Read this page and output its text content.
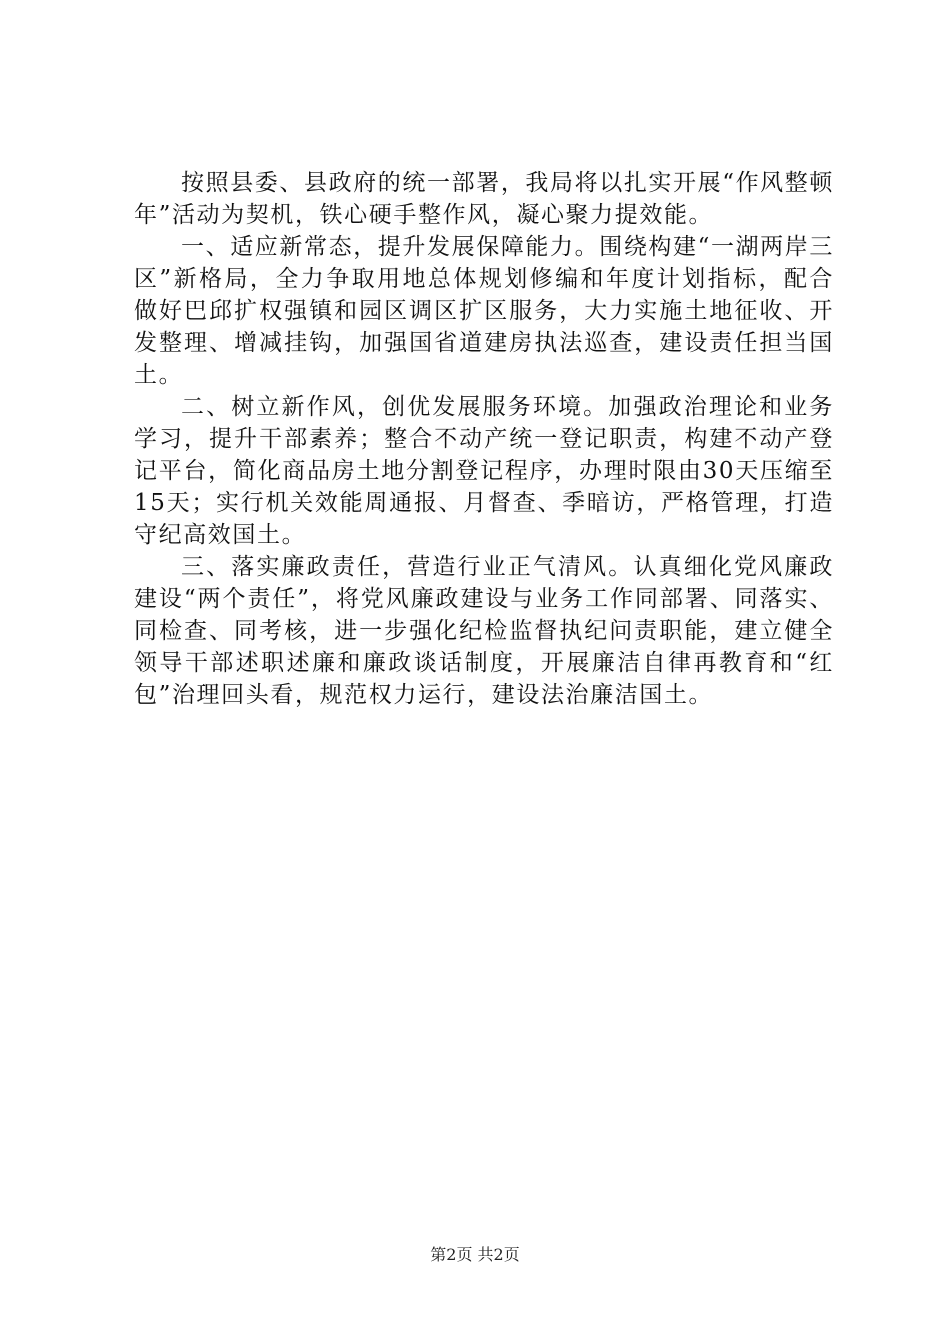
按照县委、县政府的统一部署，我局将以扎实开展“作风整顿年”活动为契机，铁心硬手整作风，凝心聚力提效能。

一、适应新常态，提升发展保障能力。围绕构建“一湖两岸三区”新格局，全力争取用地总体规划修编和年度计划指标，配合做好巴邱扩权强镇和园区调区扩区服务，大力实施土地征收、开发整理、增减挂钩，加强国省道建房执法巡查，建设责任担当国土。

二、树立新作风，创优发展服务环境。加强政治理论和业务学习，提升干部素养；整合不动产统一登记职责，构建不动产登记平台，简化商品房土地分割登记程序，办理时限由30天压缩至15天；实行机关效能周通报、月督查、季暗访，严格管理，打造守纪高效国土。

三、落实廉政责任，营造行业正气清风。认真细化党风廉政建设“两个责任”，将党风廉政建设与业务工作同部署、同落实、同检查、同考核，进一步强化纪检监督执纪问责职能，建立健全领导干部述职述廉和廉政谈话制度，开展廉洁自律再教育和“红包”治理回头看，规范权力运行，建设法治廉洁国土。

第2页 共2页
